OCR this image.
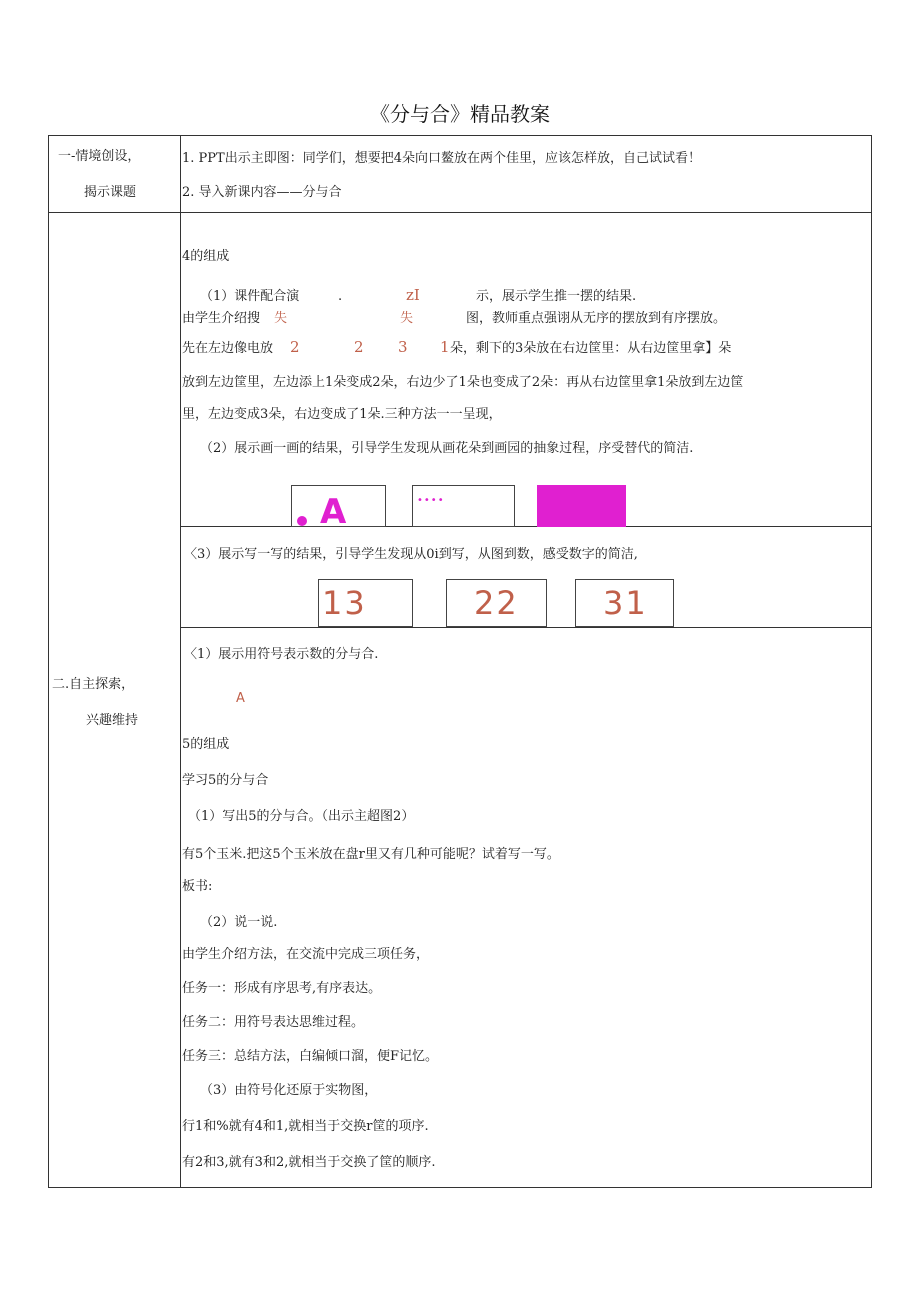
《分与合》精品教案
一-情境创设，
揭示课题
1. PPT出示主即图：同学们，想要把4朵向口鳌放在两个佳里，应该怎样放，自己试试看！
2. 导入新课内容——分与合
4的组成
（1）课件配合演	.	zI	示，展示学生推一摆的结果.
由学生介绍搜 失	失	图，教师重点强诩从无序的摆放到有序摆放。
先在左边像电放 2	2 3 1 朵，剩下的3朵放在右边筐里：从右边筐里拿】朵
放到左边筐里，左边添上1朵变成2朵，右边少了1朵也变成了2朵：再从右边筐里拿1朵放到左边筐
里，左边变成3朵，右边变成了1朵.三种方法一一呈现，
（2）展示画一画的结果，引导学生发现从画花朵到画园的抽象过程，序受替代的简洁.
A	••••
〈3）展示写一写的结果，引导学生发现从0i到写，从图到数，感受数字的简洁,
13	22	31
二.自主探索，
兴趣维持
〈1）展示用符号表示数的分与合.
A
5的组成
学习5的分与合
（1）写出5的分与合。（出示主超图2）
有5个玉米.把这5个玉米放在盘r里又有几种可能呢？试着写一写。
板书:
（2）说一说.
由学生介绍方法，在交流中完成三项任务，
任务一：形成有序思考,有序表达。
任务二：用符号表达思维过程。
任务三：总结方法，白编倾口溜，便F记忆。
（3）由符号化还原于实物图，
行1和%就有4和1,就相当于交换r筐的项序.
有2和3,就有3和2,就相当于交换了筐的顺序.
